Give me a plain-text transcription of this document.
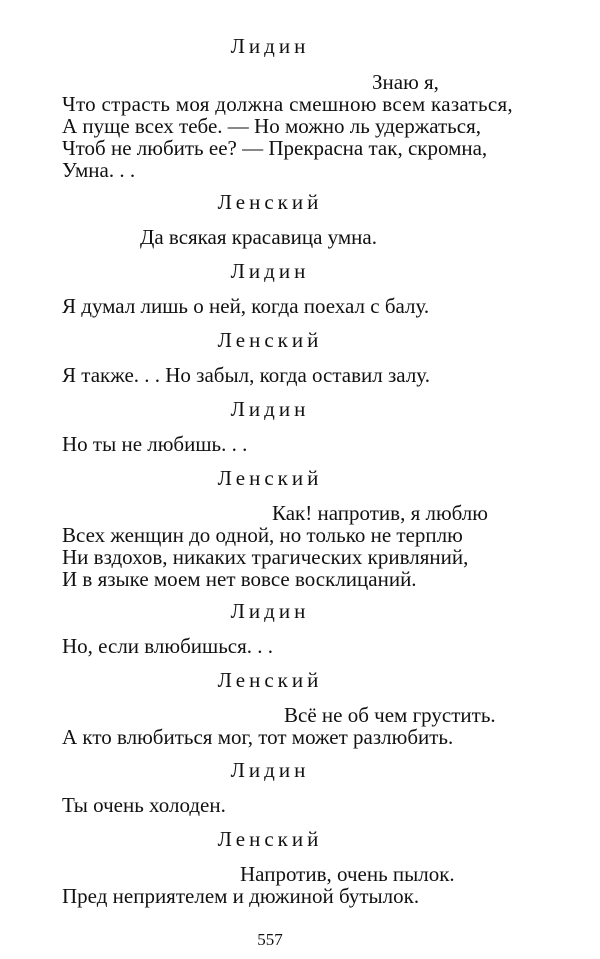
Лидин
Знаю я,
Что страсть моя должна смешною всем казаться,
А пуще всех тебе. — Но можно ль удержаться,
Чтоб не любить ее? — Прекрасна так, скромна,
Умна. . .
Ленский
Да всякая красавица умна.
Лидин
Я думал лишь о ней, когда поехал с балу.
Ленский
Я также. . . Но забыл, когда оставил залу.
Лидин
Но ты не любишь. . .
Ленский
Как! напротив, я люблю
Всех женщин до одной, но только не терплю
Ни вздохов, никаких трагических кривляний,
И в языке моем нет вовсе восклицаний.
Лидин
Но, если влюбишься. . .
Ленский
Всё не об чем грустить.
А кто влюбиться мог, тот может разлюбить.
Лидин
Ты очень холоден.
Ленский
Напротив, очень пылок.
Пред неприятелем и дюжиной бутылок.
557
